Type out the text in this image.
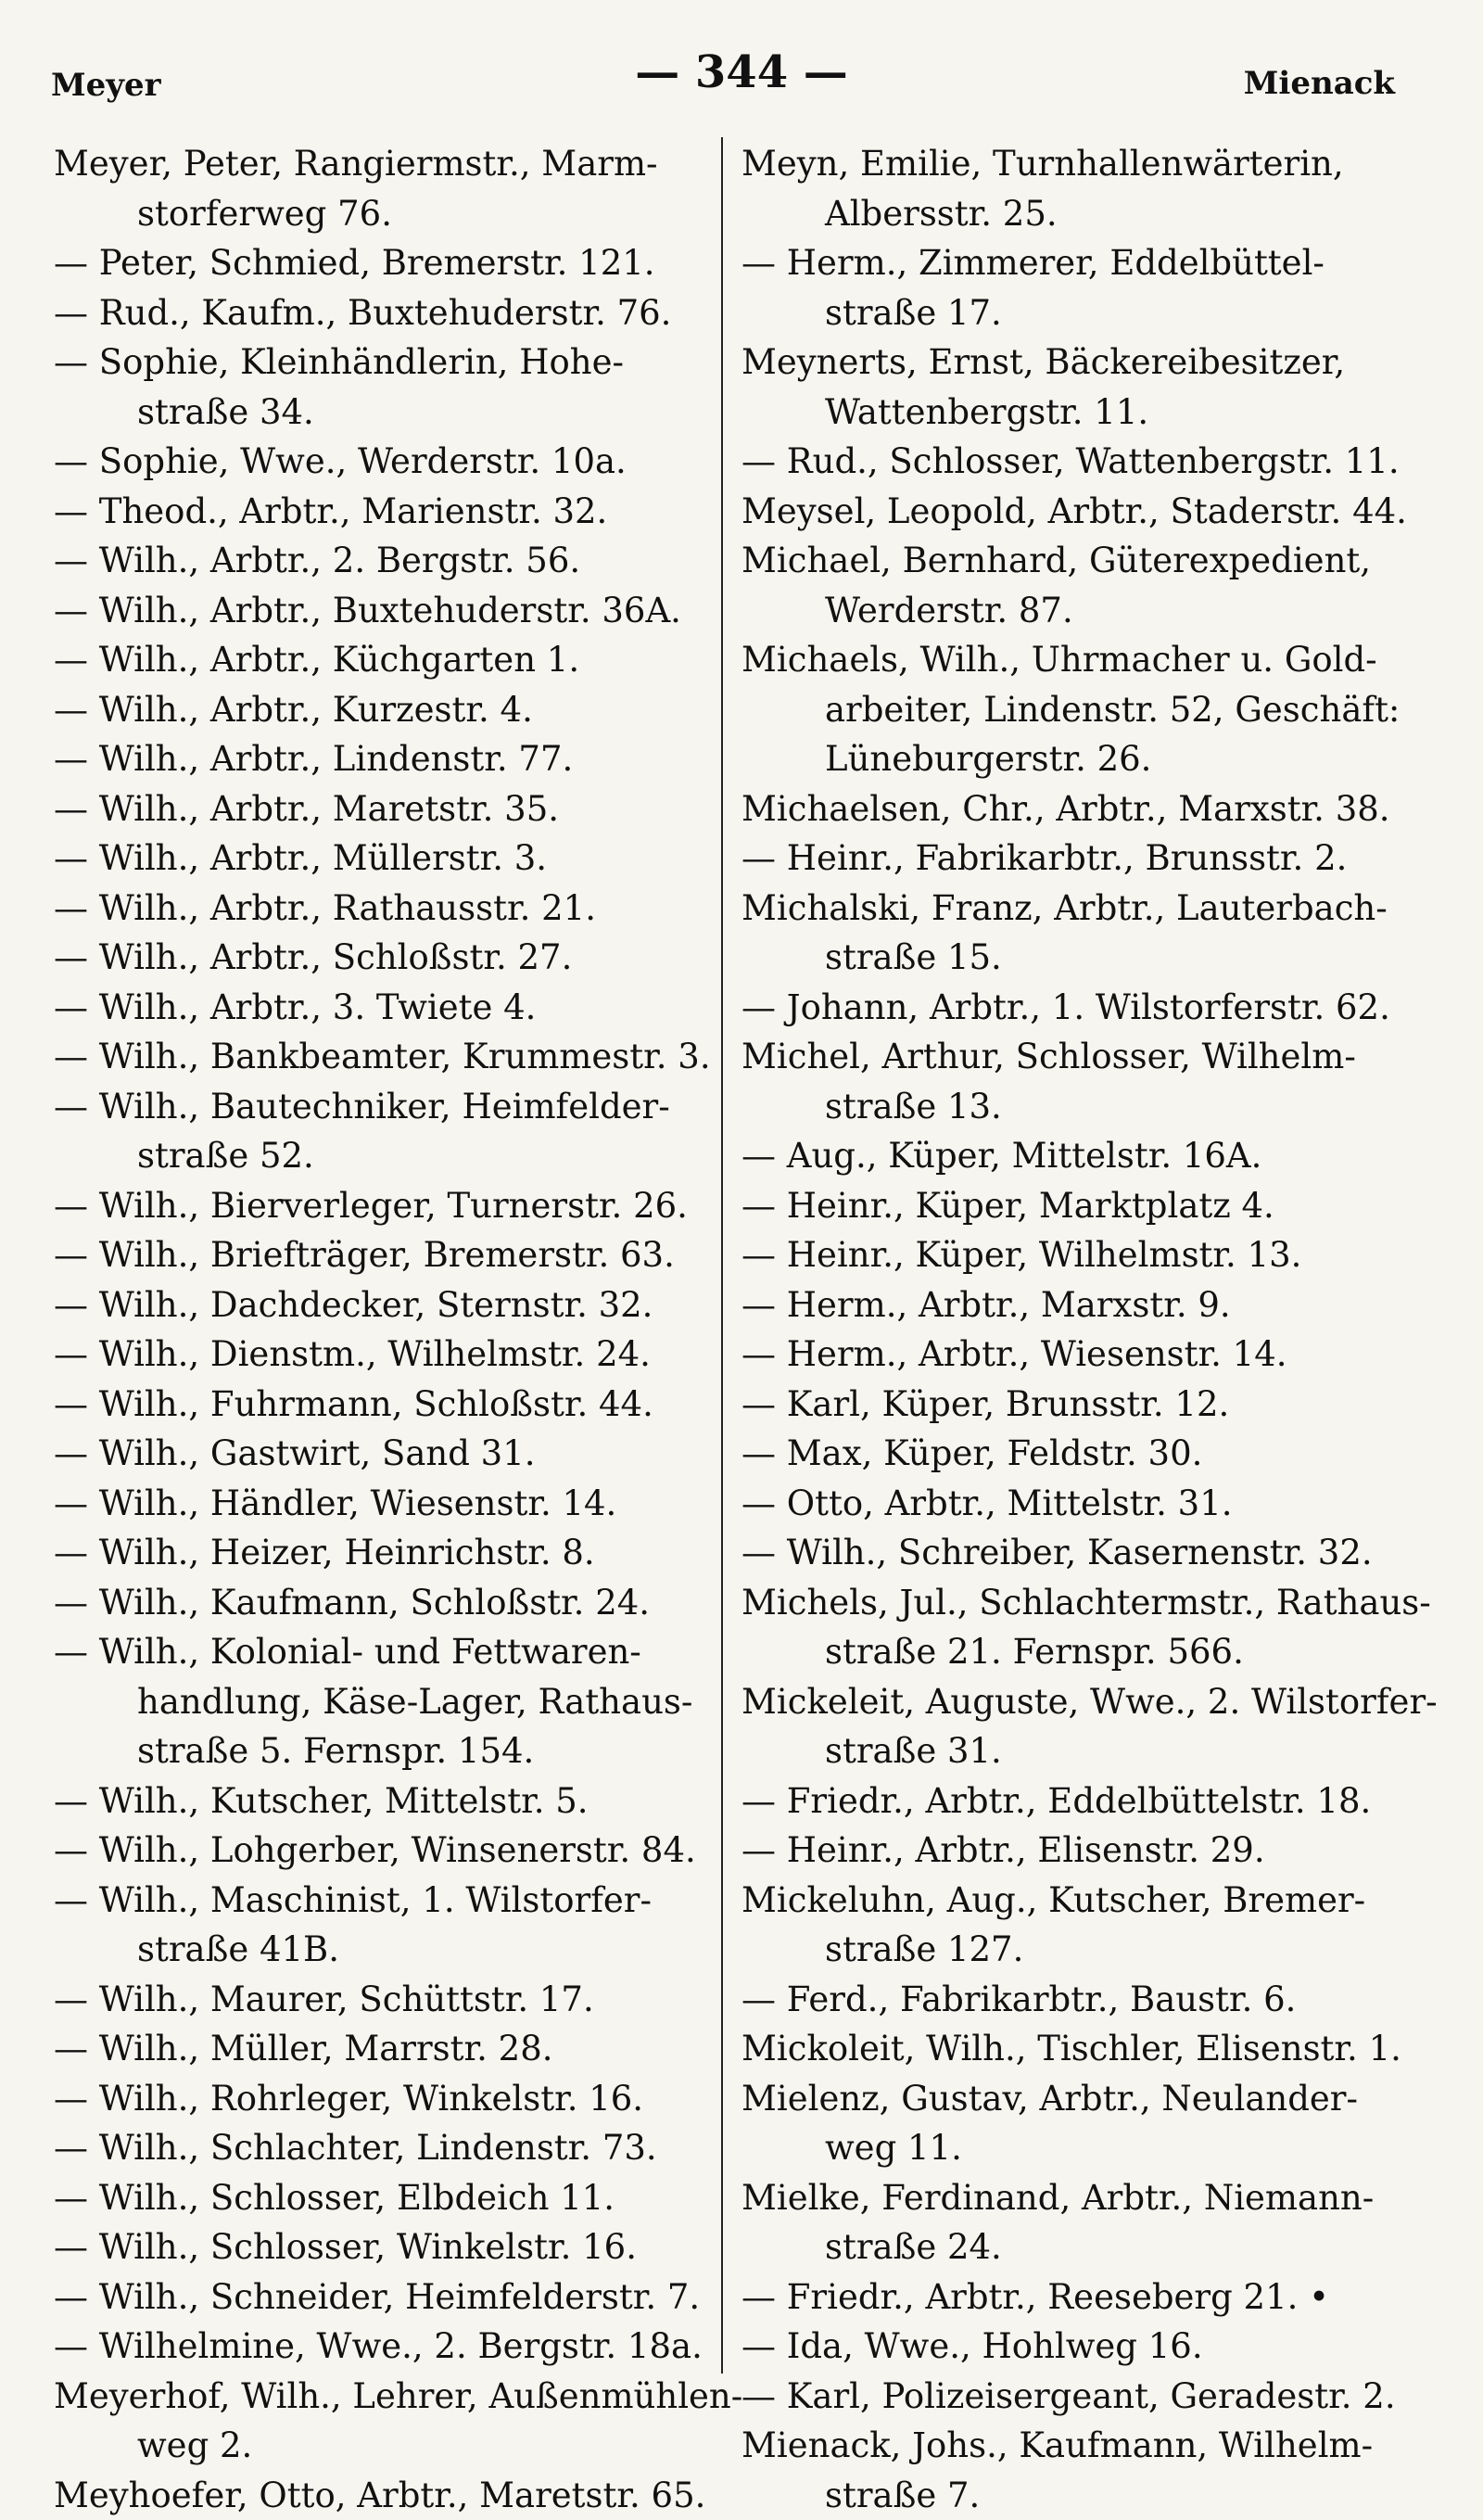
Meyer	— 344 —	Mienack
Meyer, Peter, Rangiermstr., Marm-
storferweg 76.
— Peter, Schmied, Bremerstr. 121.
— Rud., Kaufm., Buxtehuderstr. 76.
— Sophie, Kleinhändlerin, Hohe-
straße 34.
— Sophie, Wwe., Werderstr. 10a.
— Theod., Arbtr., Marienstr. 32.
— Wilh., Arbtr., 2. Bergstr. 56.
— Wilh., Arbtr., Buxtehuderstr. 36A.
— Wilh., Arbtr., Küchgarten 1.
— Wilh., Arbtr., Kurzestr. 4.
— Wilh., Arbtr., Lindenstr. 77.
— Wilh., Arbtr., Maretstr. 35.
— Wilh., Arbtr., Müllerstr. 3.
— Wilh., Arbtr., Rathausstr. 21.
— Wilh., Arbtr., Schloßstr. 27.
— Wilh., Arbtr., 3. Twiete 4.
— Wilh., Bankbeamter, Krummestr. 3.
— Wilh., Bautechniker, Heimfelder-
straße 52.
— Wilh., Bierverleger, Turnerstr. 26.
— Wilh., Briefträger, Bremerstr. 63.
— Wilh., Dachdecker, Sternstr. 32.
— Wilh., Dienstm., Wilhelmstr. 24.
— Wilh., Fuhrmann, Schloßstr. 44.
— Wilh., Gastwirt, Sand 31.
— Wilh., Händler, Wiesenstr. 14.
— Wilh., Heizer, Heinrichstr. 8.
— Wilh., Kaufmann, Schloßstr. 24.
— Wilh., Kolonial- und Fettwaren-
handlung, Käse-Lager, Rathaus-
straße 5. Fernspr. 154.
— Wilh., Kutscher, Mittelstr. 5.
— Wilh., Lohgerber, Winsenerstr. 84.
— Wilh., Maschinist, 1. Wilstorfer-
straße 41B.
— Wilh., Maurer, Schüttstr. 17.
— Wilh., Müller, Marrstr. 28.
— Wilh., Rohrleger, Winkelstr. 16.
— Wilh., Schlachter, Lindenstr. 73.
— Wilh., Schlosser, Elbdeich 11.
— Wilh., Schlosser, Winkelstr. 16.
— Wilh., Schneider, Heimfelderstr. 7.
— Wilhelmine, Wwe., 2. Bergstr. 18a.
Meyerhof, Wilh., Lehrer, Außenmühlen-
weg 2.
Meyhoefer, Otto, Arbtr., Maretstr. 65.
Meyn, Emilie, Turnhallenwärterin,
Albersstr. 25.
— Herm., Zimmerer, Eddelbüttel-
straße 17.
Meynerts, Ernst, Bäckereibesitzer,
Wattenbergstr. 11.
— Rud., Schlosser, Wattenbergstr. 11.
Meysel, Leopold, Arbtr., Staderstr. 44.
Michael, Bernhard, Güterexpedient,
Werderstr. 87.
Michaels, Wilh., Uhrmacher u. Gold-
arbeiter, Lindenstr. 52, Geschäft:
Lüneburgerstr. 26.
Michaelsen, Chr., Arbtr., Marxstr. 38.
— Heinr., Fabrikarbtr., Brunsstr. 2.
Michalski, Franz, Arbtr., Lauterbach-
straße 15.
— Johann, Arbtr., 1. Wilstorferstr. 62.
Michel, Arthur, Schlosser, Wilhelm-
straße 13.
— Aug., Küper, Mittelstr. 16A.
— Heinr., Küper, Marktplatz 4.
— Heinr., Küper, Wilhelmstr. 13.
— Herm., Arbtr., Marxstr. 9.
— Herm., Arbtr., Wiesenstr. 14.
— Karl, Küper, Brunsstr. 12.
— Max, Küper, Feldstr. 30.
— Otto, Arbtr., Mittelstr. 31.
— Wilh., Schreiber, Kasernenstr. 32.
Michels, Jul., Schlachtermstr., Rathaus-
straße 21. Fernspr. 566.
Mickeleit, Auguste, Wwe., 2. Wilstorfer-
straße 31.
— Friedr., Arbtr., Eddelbüttelstr. 18.
— Heinr., Arbtr., Elisenstr. 29.
Mickeluhn, Aug., Kutscher, Bremer-
straße 127.
— Ferd., Fabrikarbtr., Baustr. 6.
Mickoleit, Wilh., Tischler, Elisenstr. 1.
Mielenz, Gustav, Arbtr., Neulander-
weg 11.
Mielke, Ferdinand, Arbtr., Niemann-
straße 24.
— Friedr., Arbtr., Reeseberg 21. •
— Ida, Wwe., Hohlweg 16.
— Karl, Polizeisergeant, Geradestr. 2.
Mienack, Johs., Kaufmann, Wilhelm-
straße 7.
